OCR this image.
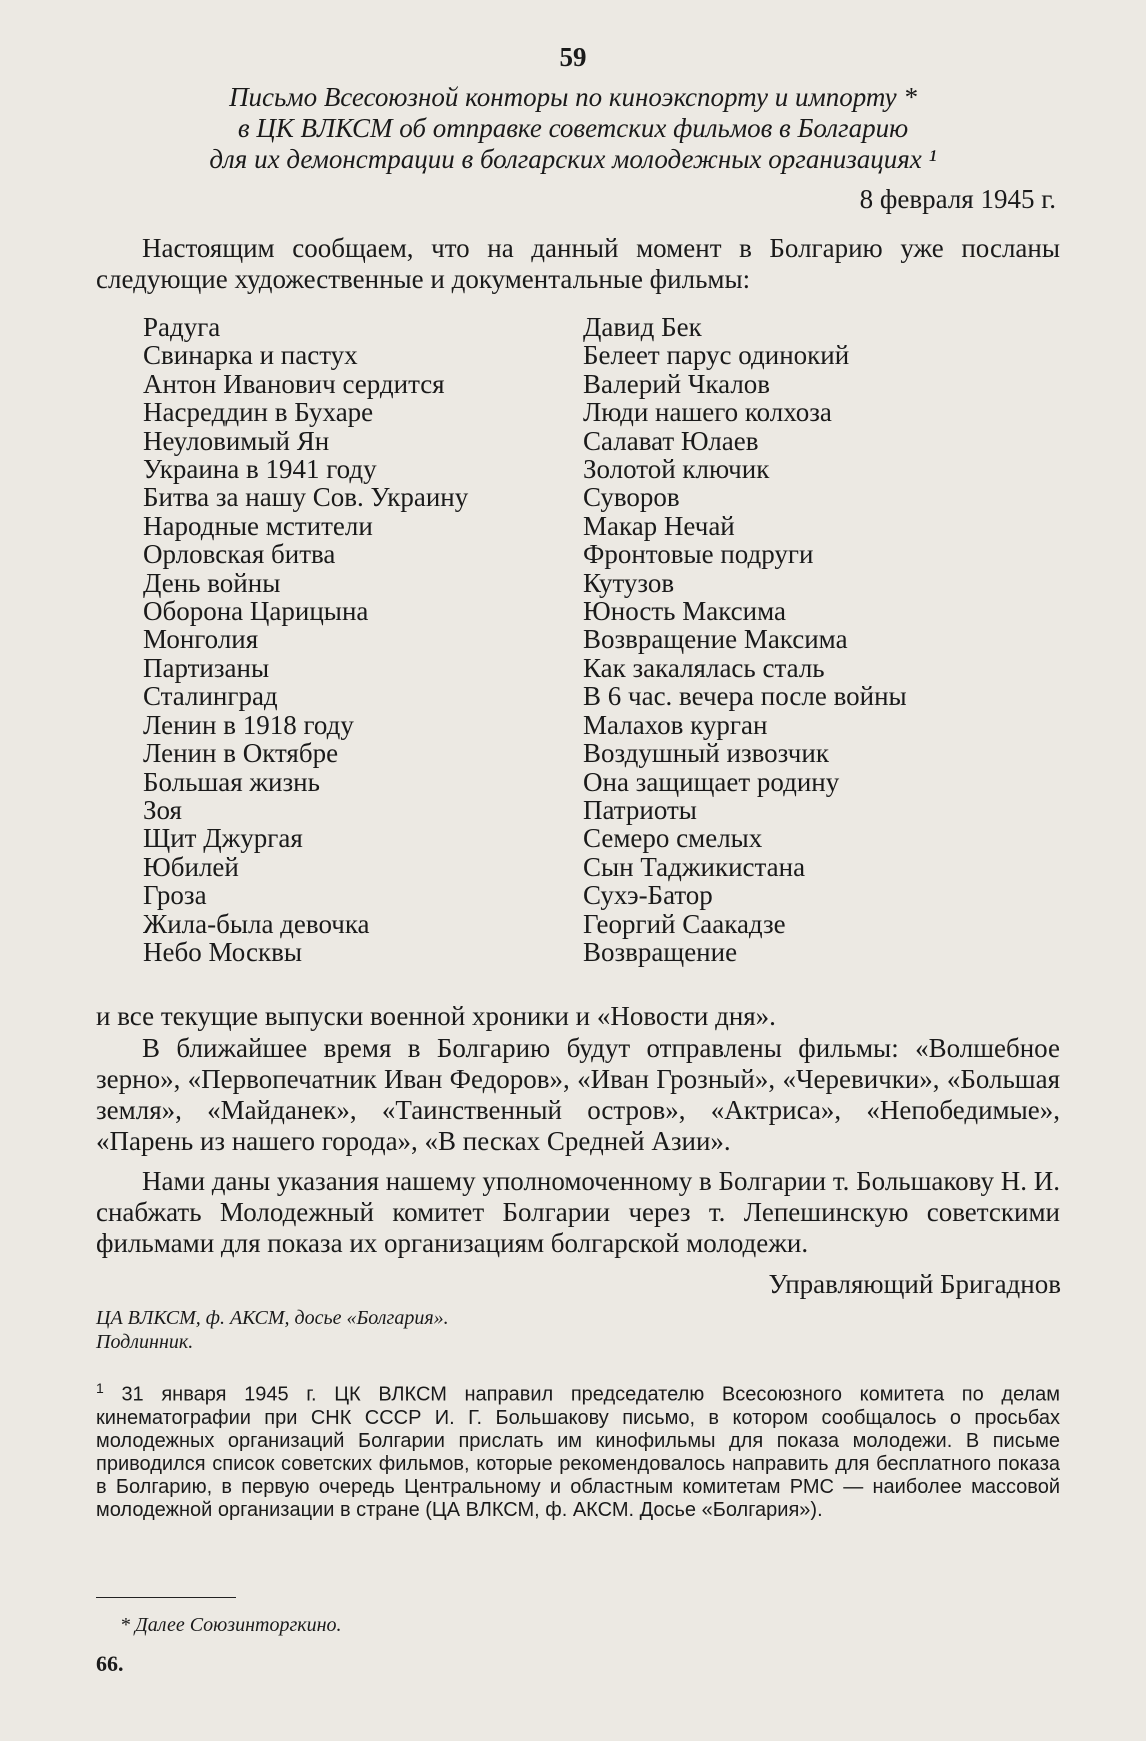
59
Письмо Всесоюзной конторы по киноэкспорту и импорту *
в ЦК ВЛКСМ об отправке советских фильмов в Болгарию
для их демонстрации в болгарских молодежных организациях ¹
8 февраля 1945 г.
Настоящим сообщаем, что на данный момент в Болгарию уже посланы следующие художественные и документальные фильмы:
Радуга
Свинарка и пастух
Антон Иванович сердится
Насреддин в Бухаре
Неуловимый Ян
Украина в 1941 году
Битва за нашу Сов. Украину
Народные мстители
Орловская битва
День войны
Оборона Царицына
Монголия
Партизаны
Сталинград
Ленин в 1918 году
Ленин в Октябре
Большая жизнь
Зоя
Щит Джургая
Юбилей
Гроза
Жила-была девочка
Небо Москвы
Давид Бек
Белеет парус одинокий
Валерий Чкалов
Люди нашего колхоза
Салават Юлаев
Золотой ключик
Суворов
Макар Нечай
Фронтовые подруги
Кутузов
Юность Максима
Возвращение Максима
Как закалялась сталь
В 6 час. вечера после войны
Малахов курган
Воздушный извозчик
Она защищает родину
Патриоты
Семеро смелых
Сын Таджикистана
Сухэ-Батор
Георгий Саакадзе
Возвращение
и все текущие выпуски военной хроники и «Новости дня».
В ближайшее время в Болгарию будут отправлены фильмы: «Волшебное зерно», «Первопечатник Иван Федоров», «Иван Грозный», «Черевички», «Большая земля», «Майданек», «Таинственный остров», «Актриса», «Непобедимые», «Парень из нашего города», «В песках Средней Азии».
Нами даны указания нашему уполномоченному в Болгарии т. Большакову Н. И. снабжать Молодежный комитет Болгарии через т. Лепешинскую советскими фильмами для показа их организациям болгарской молодежи.
Управляющий Бригаднов
ЦА ВЛКСМ, ф. АКСМ, досье «Болгария».
Подлинник.
$^1$ 31 января 1945 г. ЦК ВЛКСМ направил председателю Всесоюзного комитета по делам кинематографии при СНК СССР И. Г. Большакову письмо, в котором сообщалось о просьбах молодежных организаций Болгарии прислать им кинофильмы для показа молодежи. В письме приводился список советских фильмов, которые рекомендовалось направить для бесплатного показа в Болгарию, в первую очередь Центральному и областным комитетам РМС — наиболее массовой молодежной организации в стране (ЦА ВЛКСМ, ф. АКСМ. Досье «Болгария»).
* Далее Союзинторгкино.
66.
